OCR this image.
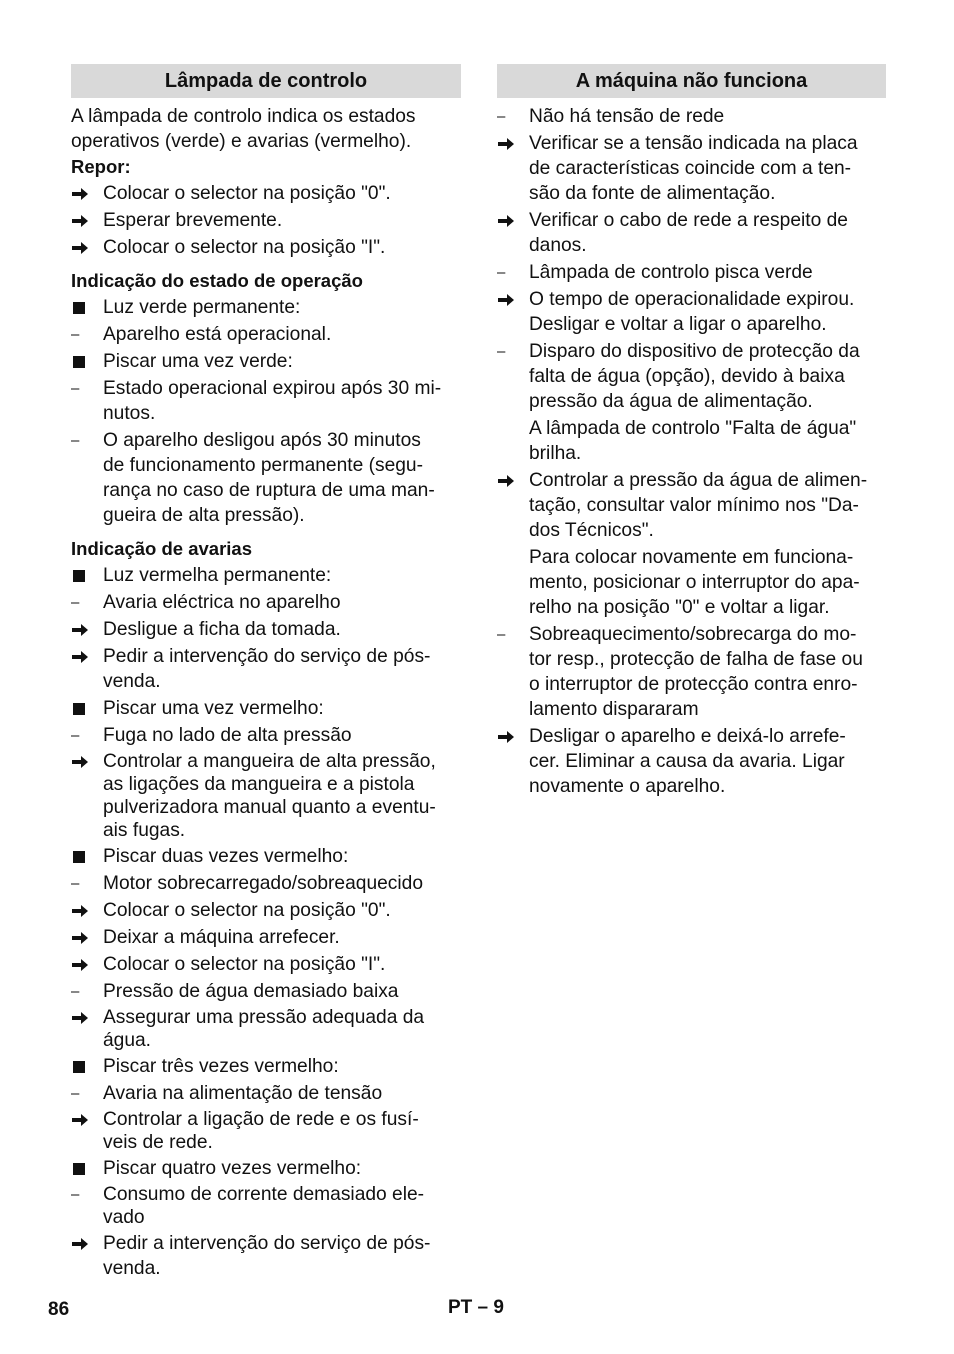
Lâmpada de controlo
A lâmpada de controlo indica os estados
operativos (verde) e avarias (vermelho).
Repor:
Colocar o selector na posição "0".
Esperar brevemente.
Colocar o selector na posição "I".
Indicação do estado de operação
Luz verde permanente:
–
Aparelho está operacional.
Piscar uma vez verde:
–
Estado operacional expirou após 30 mi-
nutos.
–
O aparelho desligou após 30 minutos
de funcionamento permanente (segu-
rança no caso de ruptura de uma man-
gueira de alta pressão).
Indicação de avarias
Luz vermelha permanente:
–
Avaria eléctrica no aparelho
Desligue a ficha da tomada.
Pedir a intervenção do serviço de pós-
venda.
Piscar uma vez vermelho:
–
Fuga no lado de alta pressão
Controlar a mangueira de alta pressão,
as ligações da mangueira e a pistola
pulverizadora manual quanto a eventu-
ais fugas.
Piscar duas vezes vermelho:
–
Motor sobrecarregado/sobreaquecido
Colocar o selector na posição "0".
Deixar a máquina arrefecer.
Colocar o selector na posição "I".
–
Pressão de água demasiado baixa
Assegurar uma pressão adequada da
água.
Piscar três vezes vermelho:
–
Avaria na alimentação de tensão
Controlar a ligação de rede e os fusí-
veis de rede.
Piscar quatro vezes vermelho:
–
Consumo de corrente demasiado ele-
vado
Pedir a intervenção do serviço de pós-
venda.
A máquina não funciona
–
Não há tensão de rede
Verificar se a tensão indicada na placa
de características coincide com a ten-
são da fonte de alimentação.
Verificar o cabo de rede a respeito de
danos.
–
Lâmpada de controlo pisca verde
O tempo de operacionalidade expirou.
Desligar e voltar a ligar o aparelho.
–
Disparo do dispositivo de protecção da
falta de água (opção), devido à baixa
pressão da água de alimentação.
A lâmpada de controlo "Falta de água"
brilha.
Controlar a pressão da água de alimen-
tação, consultar valor mínimo nos "Da-
dos Técnicos".
Para colocar novamente em funciona-
mento, posicionar o interruptor do apa-
relho na posição "0" e voltar a ligar.
–
Sobreaquecimento/sobrecarga do mo-
tor resp., protecção de falha de fase ou
o interruptor de protecção contra enro-
lamento dispararam
Desligar o aparelho e deixá-lo arrefe-
cer. Eliminar a causa da avaria. Ligar
novamente o aparelho.
86	PT – 9
